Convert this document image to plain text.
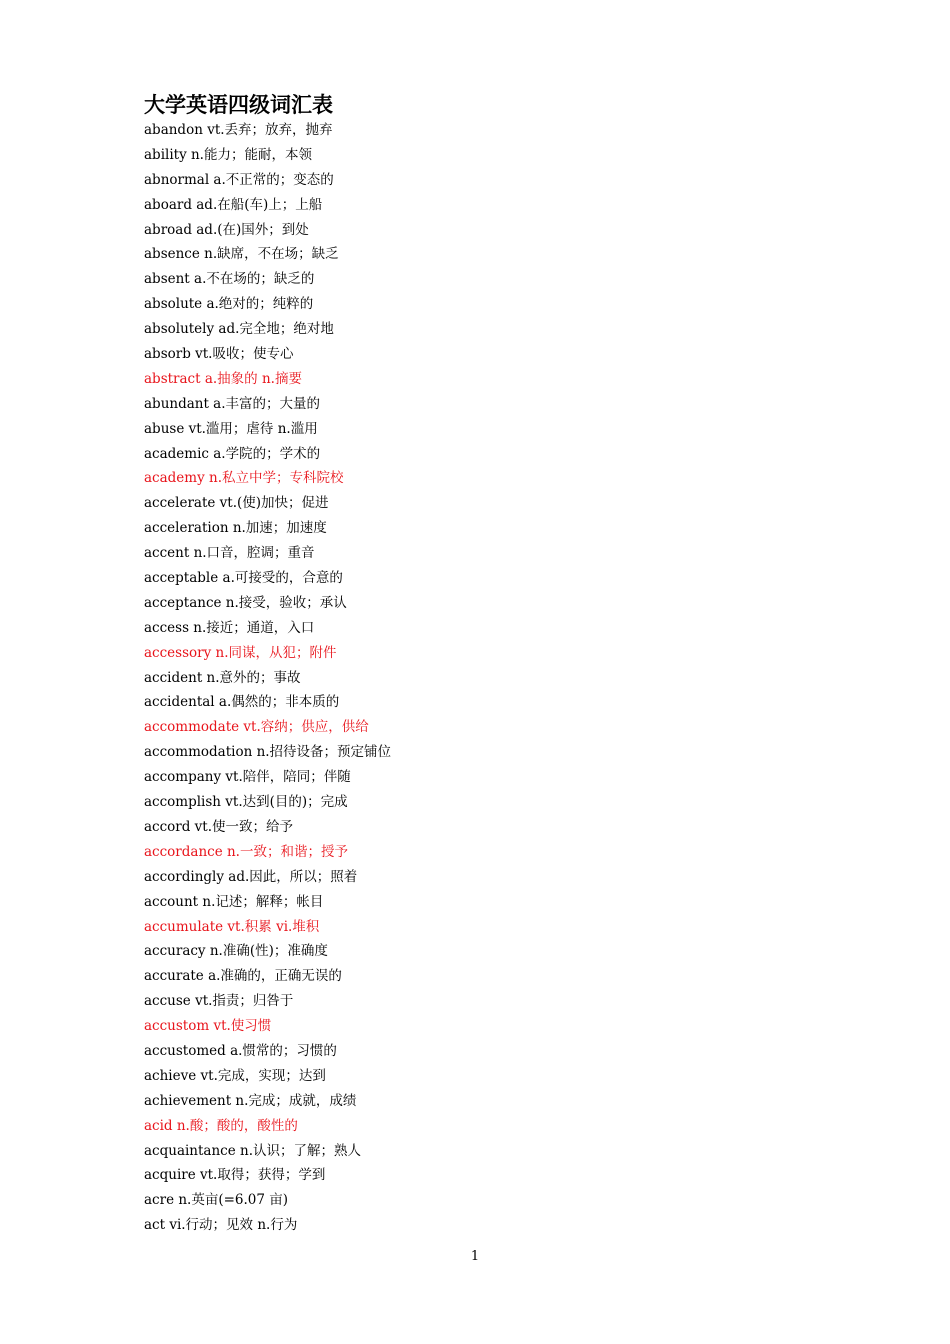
大学英语四级词汇表
abandon vt.丢弃；放弃，抛弃
ability n.能力；能耐，本领
abnormal a.不正常的；变态的
aboard ad.在船(车)上；上船
abroad ad.(在)国外；到处
absence n.缺席，不在场；缺乏
absent a.不在场的；缺乏的
absolute a.绝对的；纯粹的
absolutely ad.完全地；绝对地
absorb vt.吸收；使专心
abstract a.抽象的 n.摘要
abundant a.丰富的；大量的
abuse vt.滥用；虐待 n.滥用
academic a.学院的；学术的
academy n.私立中学；专科院校
accelerate vt.(使)加快；促进
acceleration n.加速；加速度
accent n.口音，腔调；重音
acceptable a.可接受的，合意的
acceptance n.接受，验收；承认
access n.接近；通道，入口
accessory n.同谋，从犯；附件
accident n.意外的；事故
accidental a.偶然的；非本质的
accommodate vt.容纳；供应，供给
accommodation n.招待设备；预定铺位
accompany vt.陪伴，陪同；伴随
accomplish vt.达到(目的)；完成
accord vt.使一致；给予
accordance n.一致；和谐；授予
accordingly ad.因此，所以；照着
account n.记述；解释；帐目
accumulate vt.积累 vi.堆积
accuracy n.准确(性)；准确度
accurate a.准确的，正确无误的
accuse vt.指责；归咎于
accustom vt.使习惯
accustomed a.惯常的；习惯的
achieve vt.完成，实现；达到
achievement n.完成；成就，成绩
acid n.酸；酸的，酸性的
acquaintance n.认识；了解；熟人
acquire vt.取得；获得；学到
acre n.英亩(=6.07 亩)
act vi.行动；见效 n.行为
1
